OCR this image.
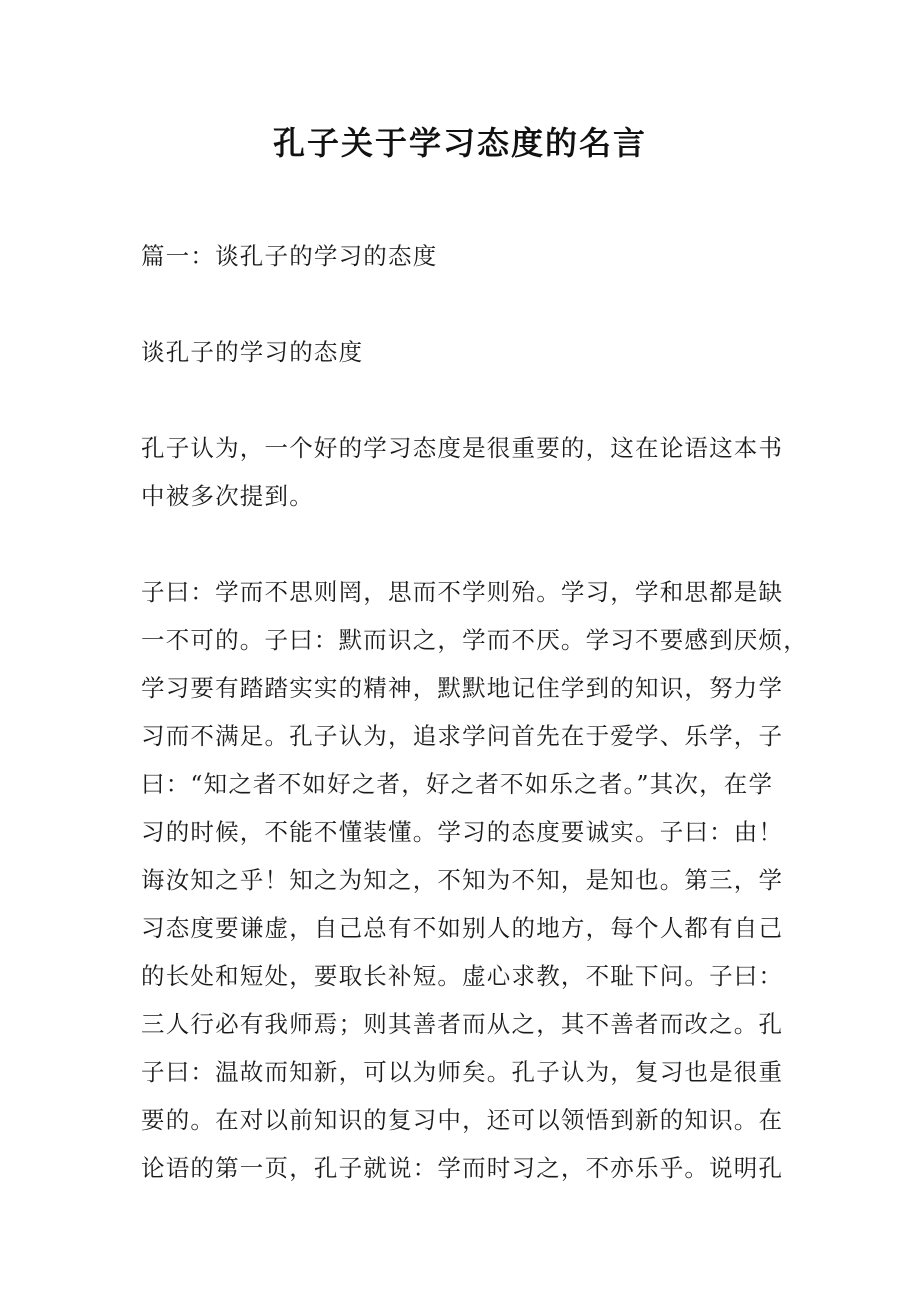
孔子关于学习态度的名言
篇一：谈孔子的学习的态度
谈孔子的学习的态度
孔子认为，一个好的学习态度是很重要的，这在论语这本书
中被多次提到。
子曰：学而不思则罔，思而不学则殆。学习，学和思都是缺
一不可的。子曰：默而识之，学而不厌。学习不要感到厌烦，
学习要有踏踏实实的精神，默默地记住学到的知识，努力学
习而不满足。孔子认为，追求学问首先在于爱学、乐学，子
曰：“知之者不如好之者，好之者不如乐之者。”其次，在学
习的时候，不能不懂装懂。学习的态度要诚实。子曰：由！
诲汝知之乎！知之为知之，不知为不知，是知也。第三，学
习态度要谦虚，自己总有不如别人的地方，每个人都有自己
的长处和短处，要取长补短。虚心求教，不耻下问。子曰：
三人行必有我师焉；则其善者而从之，其不善者而改之。孔
子曰：温故而知新，可以为师矣。孔子认为，复习也是很重
要的。在对以前知识的复习中，还可以领悟到新的知识。在
论语的第一页，孔子就说：学而时习之，不亦乐乎。说明孔
